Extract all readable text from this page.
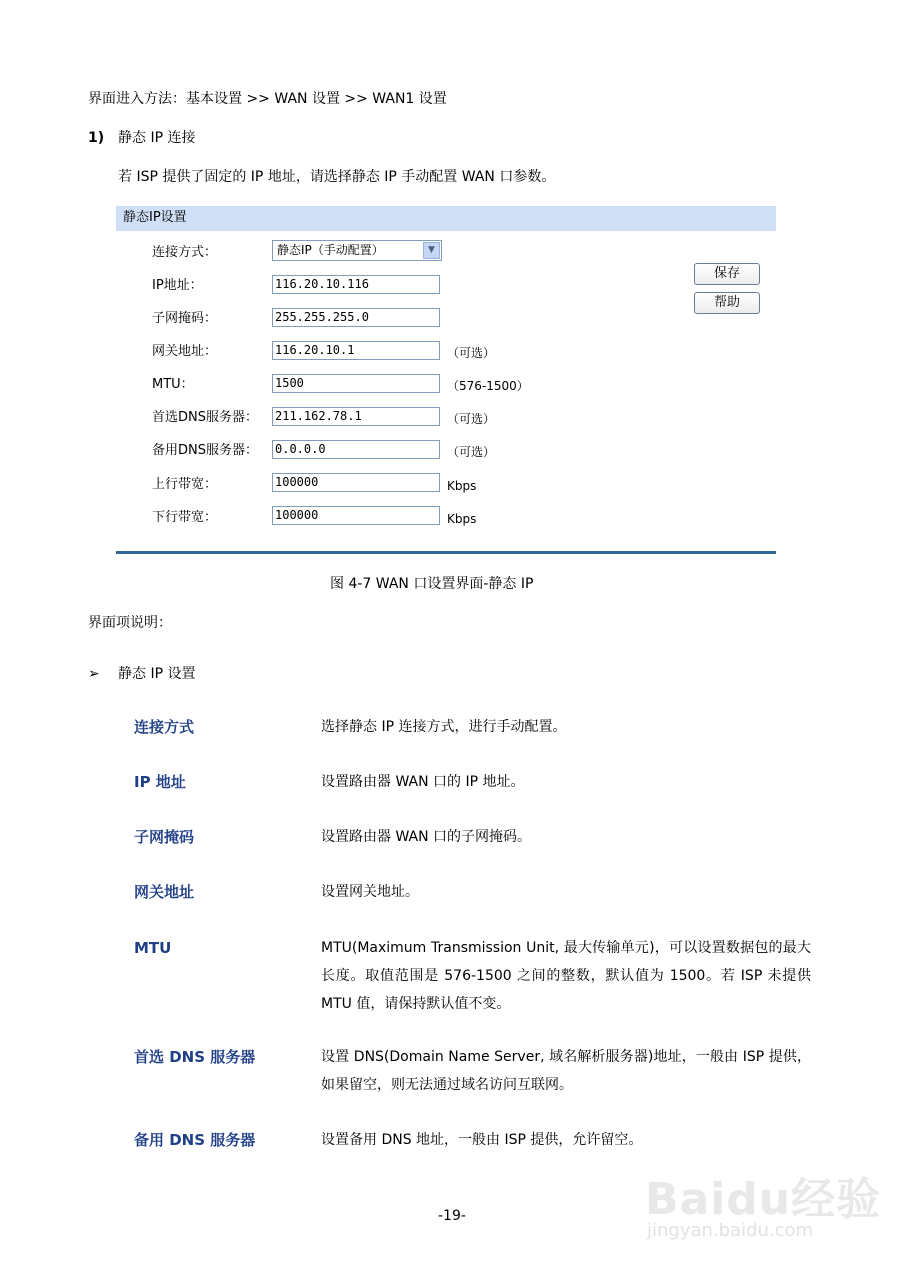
界面进入方法：基本设置 >> WAN 设置 >> WAN1 设置
1) 静态 IP 连接
若 ISP 提供了固定的 IP 地址，请选择静态 IP 手动配置 WAN 口参数。
静态IP设置
连接方式：	静态IP（手动配置）	▼
IP地址：	116.20.10.116
子网掩码：	255.255.255.0
网关地址：	116.20.10.1	（可选）
MTU：	1500	（576-1500）
首选DNS服务器： 211.162.78.1	（可选）
备用DNS服务器： 0.0.0.0	（可选）
上行带宽：	100000	Kbps
下行带宽：	100000	Kbps
保存
帮助
图 4-7 WAN 口设置界面-静态 IP
界面项说明：
➢ 静态 IP 设置
连接方式	选择静态 IP 连接方式，进行手动配置。
IP 地址	设置路由器 WAN 口的 IP 地址。
子网掩码	设置路由器 WAN 口的子网掩码。
网关地址	设置网关地址。
MTU	MTU(Maximum Transmission Unit, 最大传输单元)，可以设置数据包的最大长度。取值范围是 576-1500 之间的整数，默认值为 1500。若 ISP 未提供 MTU 值，请保持默认值不变。
首选 DNS 服务器	设置 DNS(Domain Name Server, 域名解析服务器)地址，一般由 ISP 提供，如果留空，则无法通过域名访问互联网。
备用 DNS 服务器	设置备用 DNS 地址，一般由 ISP 提供，允许留空。
Baidu经验
jingyan.baidu.com
-19-
